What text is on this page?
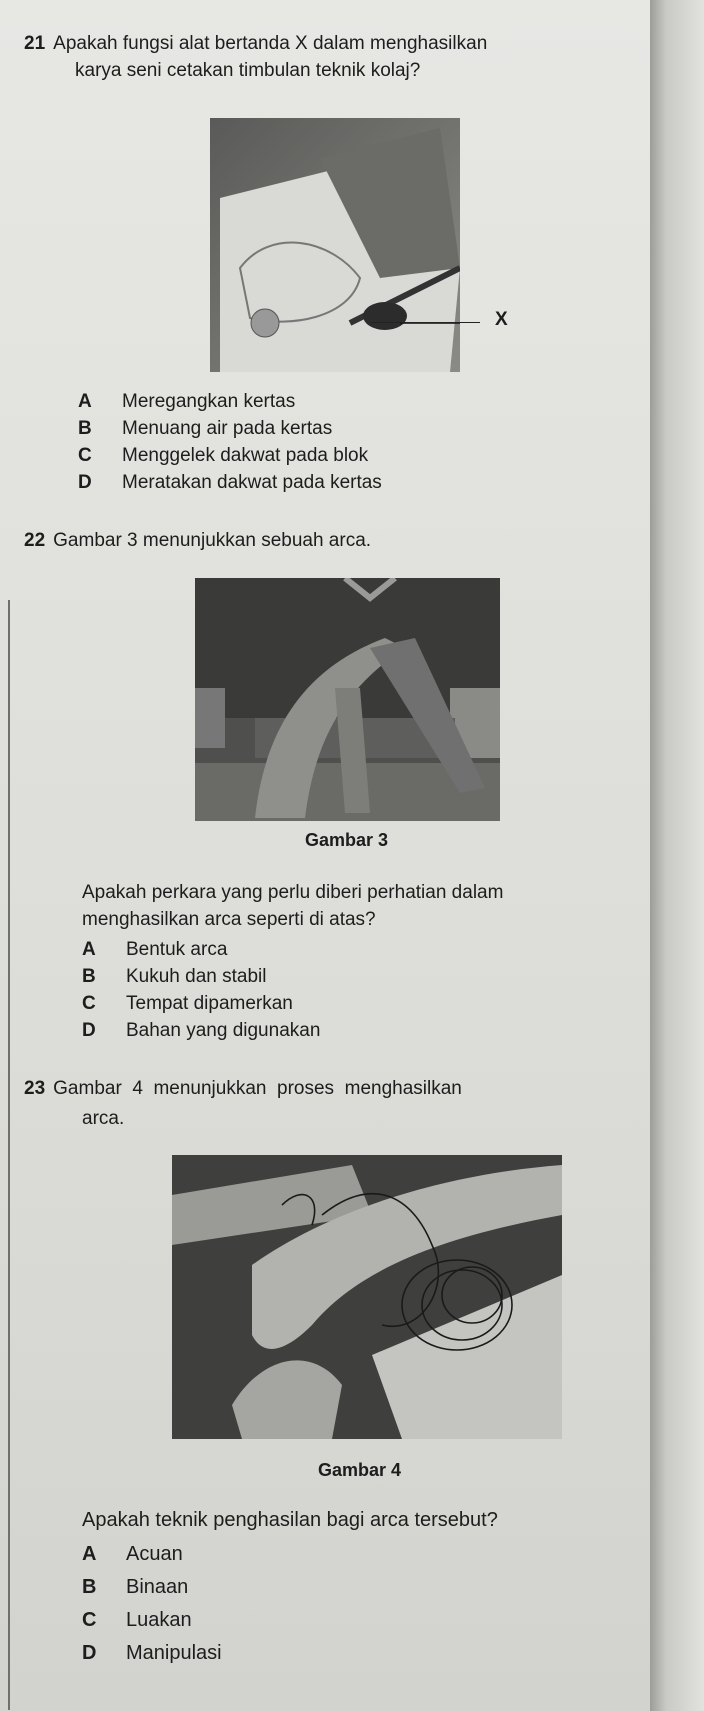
21 Apakah fungsi alat bertanda X dalam menghasilkan
karya seni cetakan timbulan teknik kolaj?
X
A Meregangkan kertas
B Menuang air pada kertas
C Menggelek dakwat pada blok
D Meratakan dakwat pada kertas
22 Gambar 3 menunjukkan sebuah arca.
Gambar 3
Apakah perkara yang perlu diberi perhatian dalam
menghasilkan arca seperti di atas?
A Bentuk arca
B Kukuh dan stabil
C Tempat dipamerkan
D Bahan yang digunakan
23 Gambar  4  menunjukkan  proses  menghasilkan
arca.
Gambar 4
Apakah teknik penghasilan bagi arca tersebut?
A Acuan
B Binaan
C Luakan
D Manipulasi
